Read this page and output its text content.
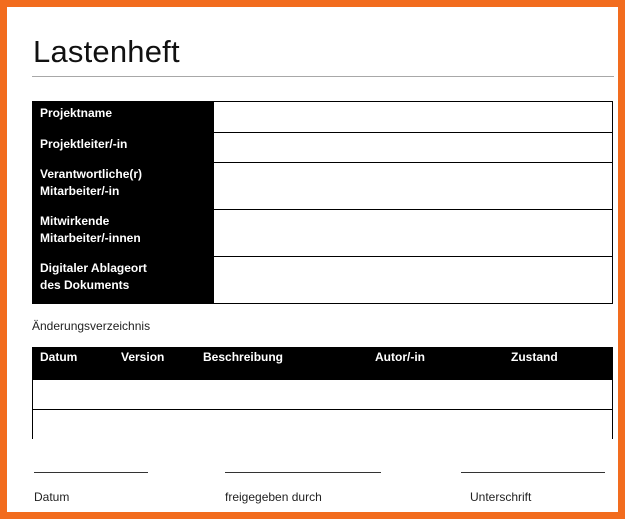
Lastenheft
Projektname	

Projektleiter/-in	

Verantwortliche(r)
Mitarbeiter/-in	

Mitwirkende
Mitarbeiter/-innen	

Digitaler Ablageort
des Dokuments	

Änderungsverzeichnis
Datum	Version	Beschreibung	Autor/-in	Zustand
Datum	freigegeben durch	Unterschrift
